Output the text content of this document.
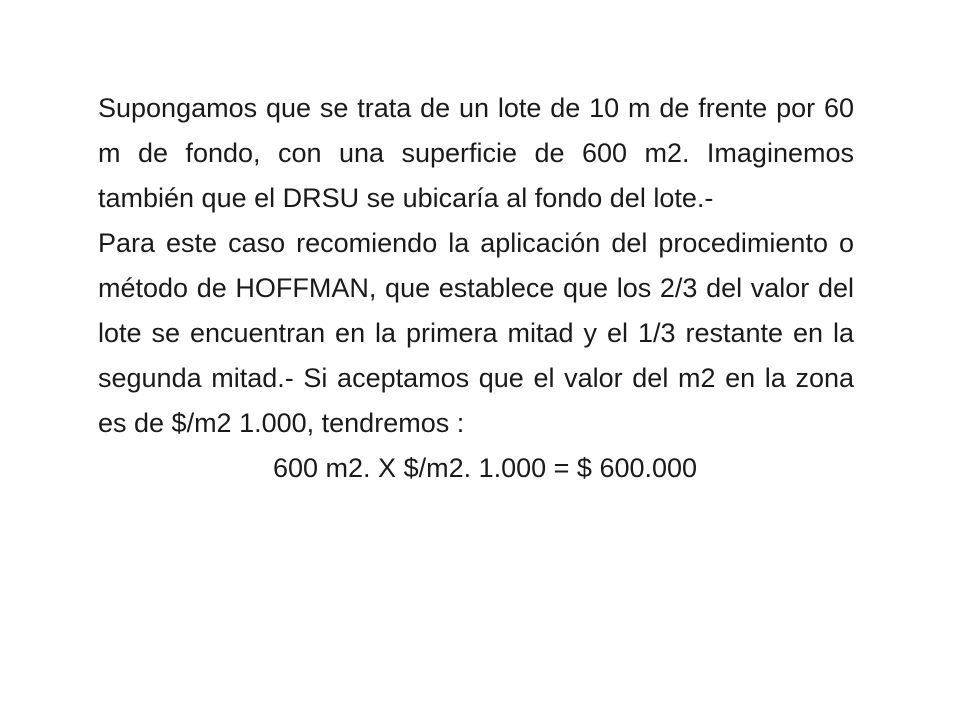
Supongamos que se trata de un lote de 10 m de frente por 60 m de fondo, con una superficie de 600 m2. Imaginemos también que el DRSU se ubicaría al fondo del lote.-

Para este caso recomiendo la aplicación del procedimiento o método de HOFFMAN, que establece que los 2/3 del valor del lote se encuentran en la primera mitad y el 1/3 restante en la segunda mitad.- Si aceptamos que el valor del m2 en la zona es de $/m2 1.000, tendremos :

600 m2. X $/m2. 1.000 = $ 600.000
